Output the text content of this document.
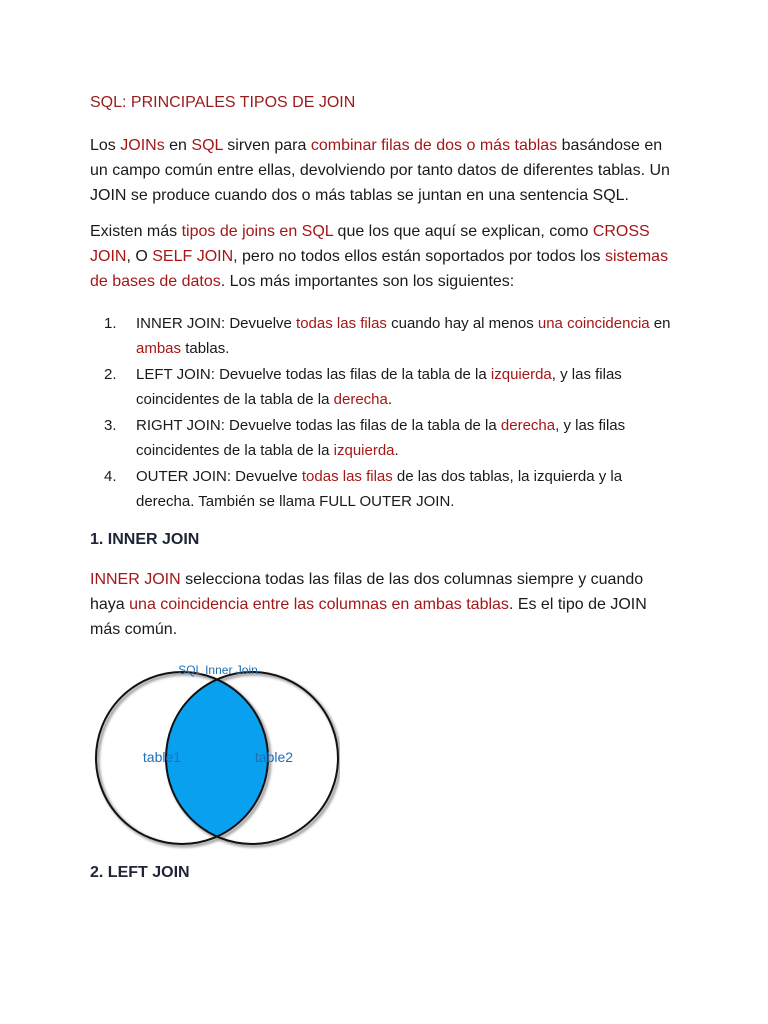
SQL: PRINCIPALES TIPOS DE JOIN

Los JOINs en SQL sirven para combinar filas de dos o más tablas basándose en un campo común entre ellas, devolviendo por tanto datos de diferentes tablas. Un JOIN se produce cuando dos o más tablas se juntan en una sentencia SQL.

Existen más tipos de joins en SQL que los que aquí se explican, como CROSS JOIN, O SELF JOIN, pero no todos ellos están soportados por todos los sistemas de bases de datos. Los más importantes son los siguientes:

1. INNER JOIN: Devuelve todas las filas cuando hay al menos una coincidencia en ambas tablas.
2. LEFT JOIN: Devuelve todas las filas de la tabla de la izquierda, y las filas coincidentes de la tabla de la derecha.
3. RIGHT JOIN: Devuelve todas las filas de la tabla de la derecha, y las filas coincidentes de la tabla de la izquierda.
4. OUTER JOIN: Devuelve todas las filas de las dos tablas, la izquierda y la derecha. También se llama FULL OUTER JOIN.
1. INNER JOIN

INNER JOIN selecciona todas las filas de las dos columnas siempre y cuando haya una coincidencia entre las columnas en ambas tablas. Es el tipo de JOIN más común.

SQL Inner Join
table1	table2
2. LEFT JOIN
